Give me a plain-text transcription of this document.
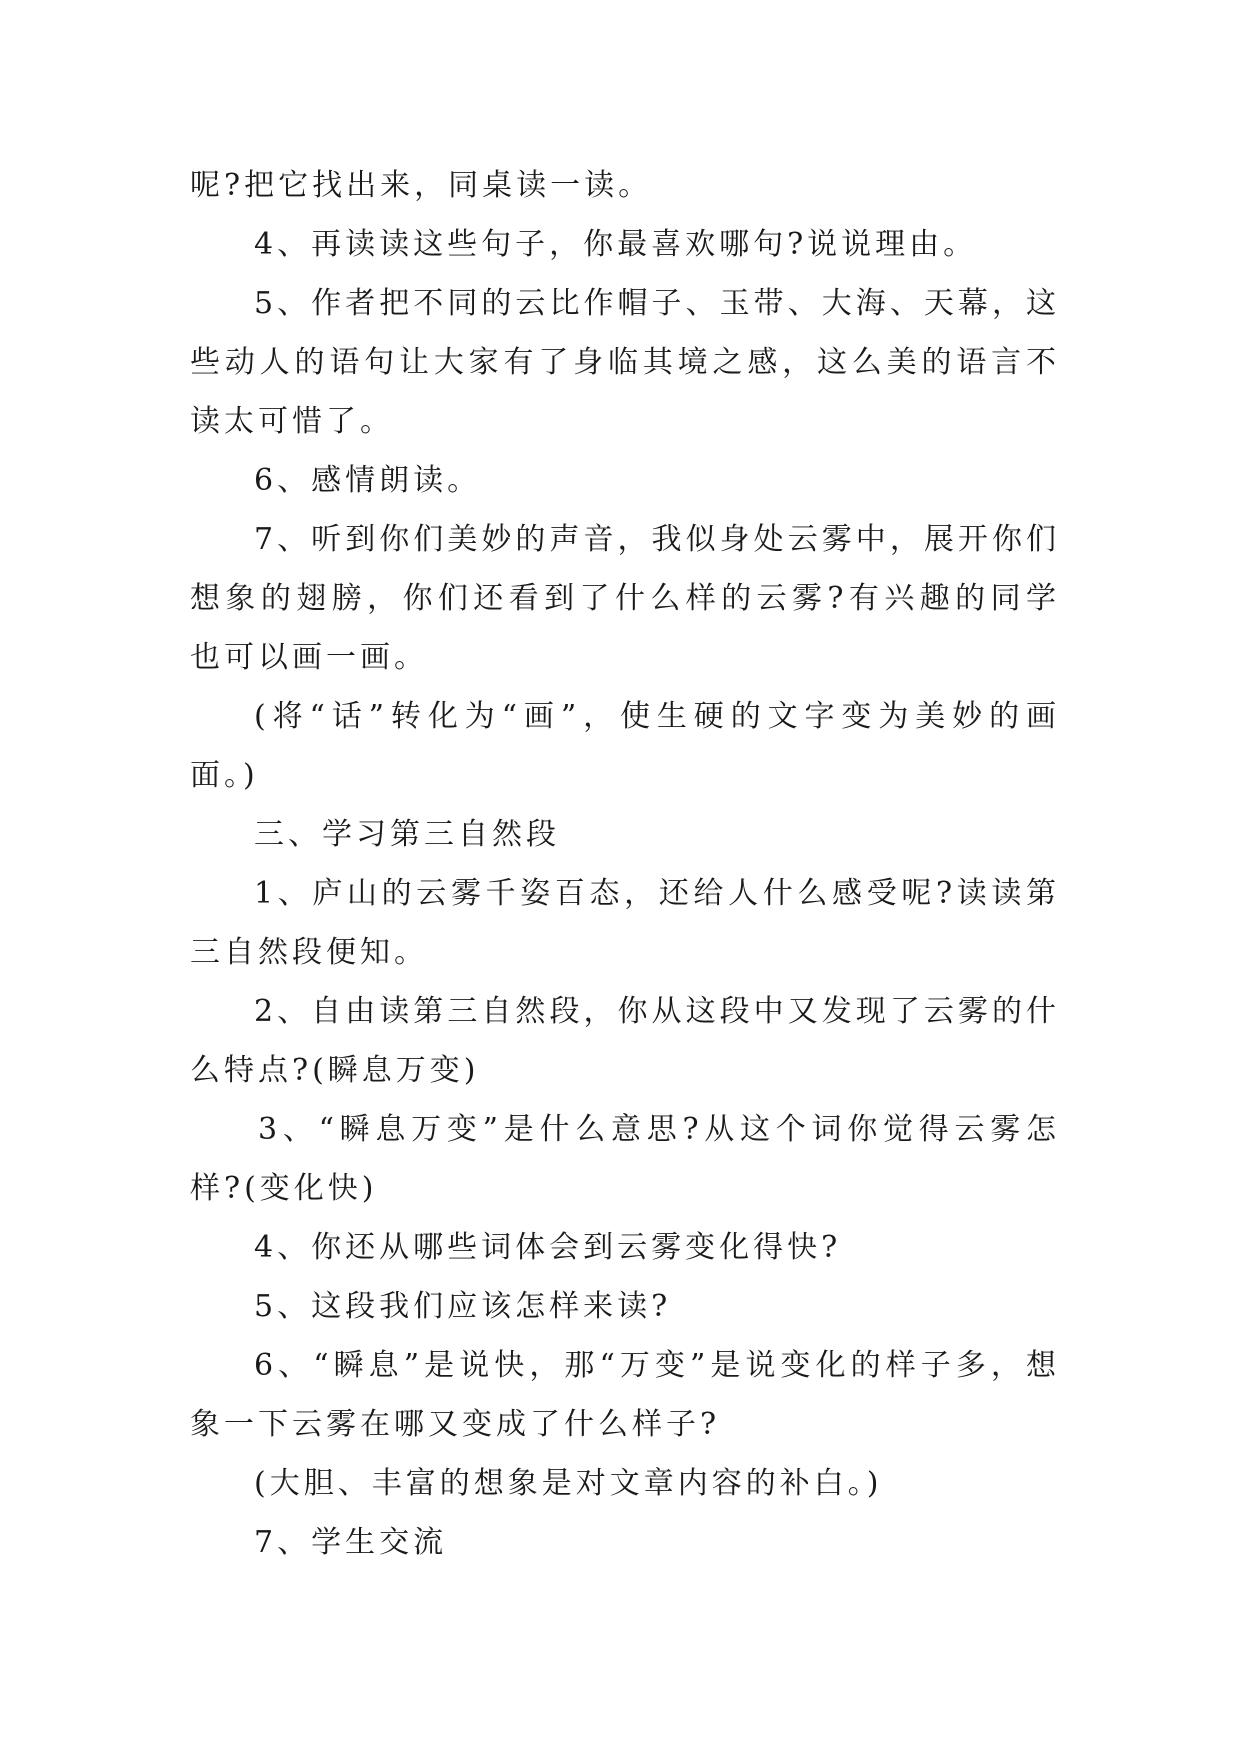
呢?把它找出来，同桌读一读。

4、再读读这些句子，你最喜欢哪句?说说理由。

5、作者把不同的云比作帽子、玉带、大海、天幕，这些动人的语句让大家有了身临其境之感，这么美的语言不读太可惜了。

6、感情朗读。

7、听到你们美妙的声音，我似身处云雾中，展开你们想象的翅膀，你们还看到了什么样的云雾?有兴趣的同学也可以画一画。

(将“话”转化为“画”，使生硬的文字变为美妙的画面。)

三、学习第三自然段

1、庐山的云雾千姿百态，还给人什么感受呢?读读第三自然段便知。

2、自由读第三自然段，你从这段中又发现了云雾的什么特点?(瞬息万变)

3、“瞬息万变”是什么意思?从这个词你觉得云雾怎样?(变化快)

4、你还从哪些词体会到云雾变化得快?

5、这段我们应该怎样来读?

6、“瞬息”是说快，那“万变”是说变化的样子多，想象一下云雾在哪又变成了什么样子?

(大胆、丰富的想象是对文章内容的补白。)

7、学生交流
